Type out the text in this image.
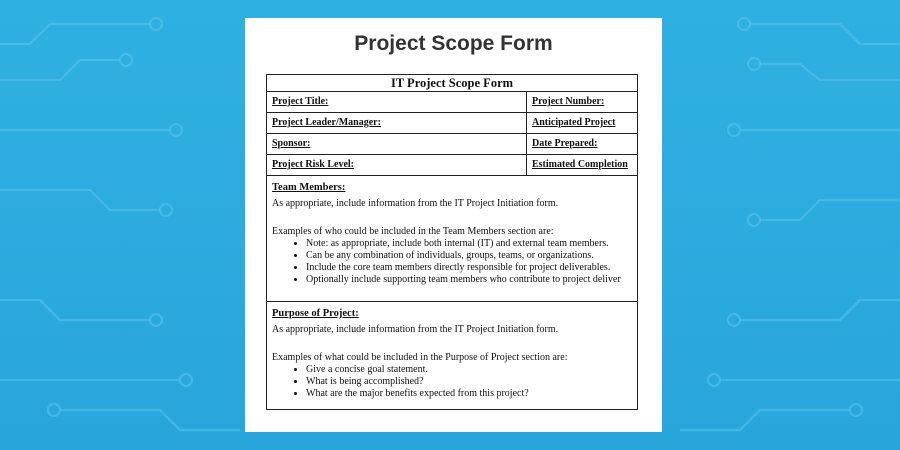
Project Scope Form
IT Project Scope Form
Project Title:	Project Number:
Project Leader/Manager:	Anticipated Project
Sponsor:	Date Prepared:
Project Risk Level:	Estimated Completion
Team Members:
As appropriate, include information from the IT Project Initiation form.
Examples of who could be included in the Team Members section are:
• Note: as appropriate, include both internal (IT) and external team members.
• Can be any combination of individuals, groups, teams, or organizations.
• Include the core team members directly responsible for project deliverables.
• Optionally include supporting team members who contribute to project deliver
Purpose of Project:
As appropriate, include information from the IT Project Initiation form.
Examples of what could be included in the Purpose of Project section are:
• Give a concise goal statement.
• What is being accomplished?
• What are the major benefits expected from this project?
